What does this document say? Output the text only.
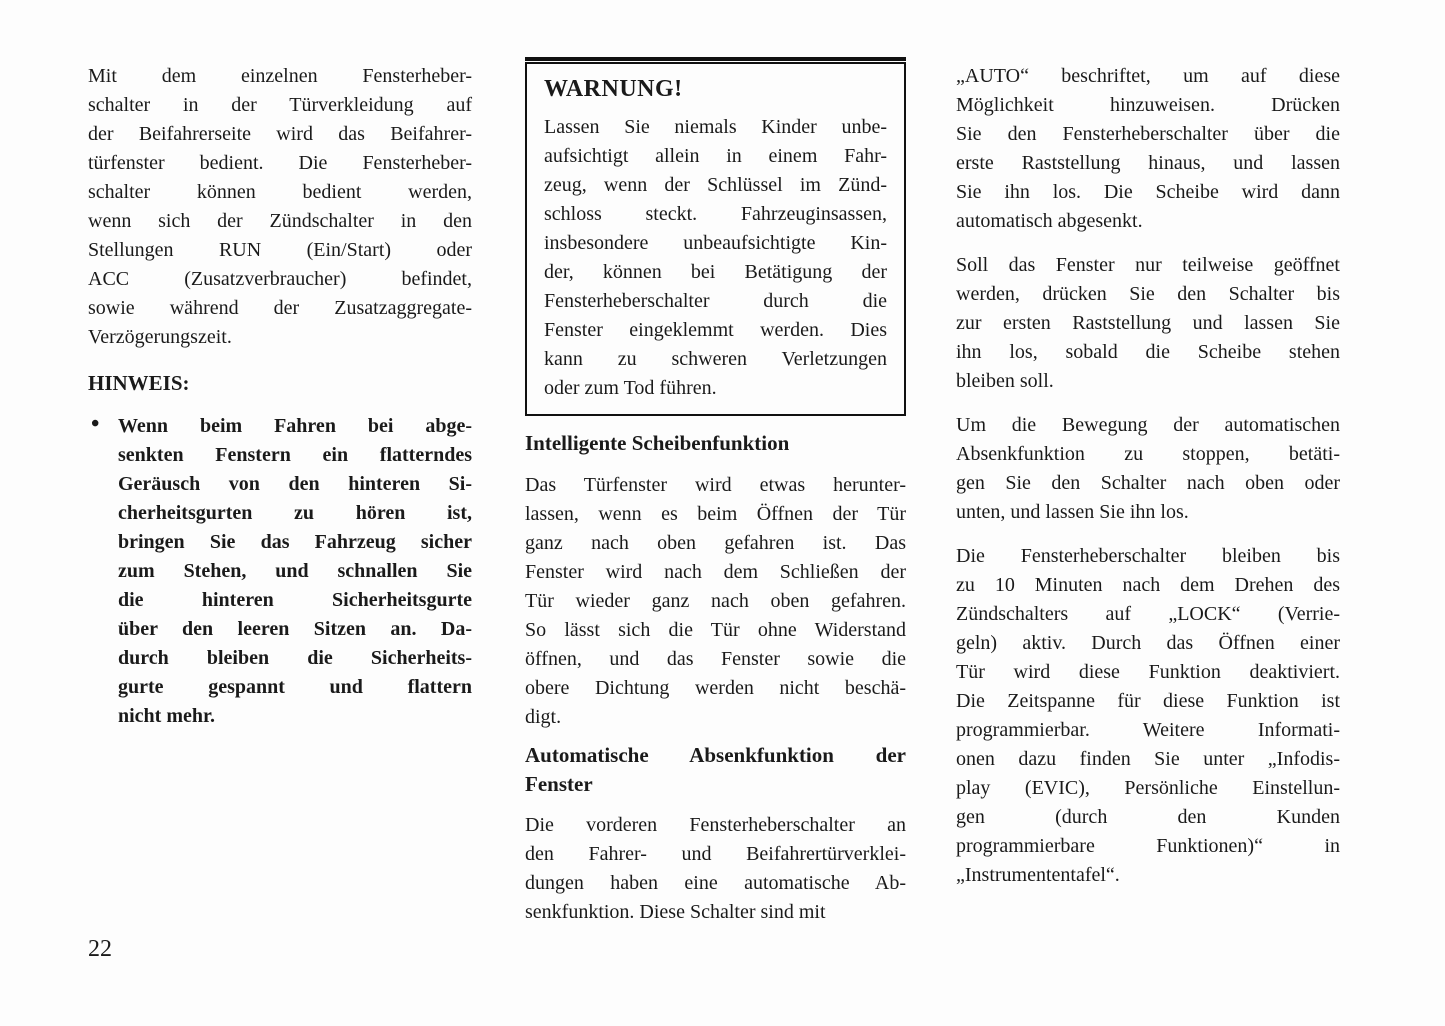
Mit dem einzelnen Fensterheber-
schalter in der Türverkleidung auf
der Beifahrerseite wird das Beifahrer-
türfenster bedient. Die Fensterheber-
schalter können bedient werden,
wenn sich der Zündschalter in den
Stellungen RUN (Ein/Start) oder
ACC (Zusatzverbraucher) befindet,
sowie während der Zusatzaggregate-
Verzögerungszeit.
HINWEIS:
• Wenn beim Fahren bei abge-
senkten Fenstern ein flatterndes
Geräusch von den hinteren Si-
cherheitsgurten zu hören ist,
bringen Sie das Fahrzeug sicher
zum Stehen, und schnallen Sie
die hinteren Sicherheitsgurte
über den leeren Sitzen an. Da-
durch bleiben die Sicherheits-
gurte gespannt und flattern
nicht mehr.
WARNUNG!
Lassen Sie niemals Kinder unbe-
aufsichtigt allein in einem Fahr-
zeug, wenn der Schlüssel im Zünd-
schloss steckt. Fahrzeuginsassen,
insbesondere unbeaufsichtigte Kin-
der, können bei Betätigung der
Fensterheberschalter durch die
Fenster eingeklemmt werden. Dies
kann zu schweren Verletzungen
oder zum Tod führen.
Intelligente Scheibenfunktion
Das Türfenster wird etwas herunter-
lassen, wenn es beim Öffnen der Tür
ganz nach oben gefahren ist. Das
Fenster wird nach dem Schließen der
Tür wieder ganz nach oben gefahren.
So lässt sich die Tür ohne Widerstand
öffnen, und das Fenster sowie die
obere Dichtung werden nicht beschä-
digt.
Automatische Absenkfunktion der
Fenster
Die vorderen Fensterheberschalter an
den Fahrer- und Beifahrertürverklei-
dungen haben eine automatische Ab-
senkfunktion. Diese Schalter sind mit
„AUTO“ beschriftet, um auf diese
Möglichkeit hinzuweisen. Drücken
Sie den Fensterheberschalter über die
erste Raststellung hinaus, und lassen
Sie ihn los. Die Scheibe wird dann
automatisch abgesenkt.
Soll das Fenster nur teilweise geöffnet
werden, drücken Sie den Schalter bis
zur ersten Raststellung und lassen Sie
ihn los, sobald die Scheibe stehen
bleiben soll.
Um die Bewegung der automatischen
Absenkfunktion zu stoppen, betäti-
gen Sie den Schalter nach oben oder
unten, und lassen Sie ihn los.
Die Fensterheberschalter bleiben bis
zu 10 Minuten nach dem Drehen des
Zündschalters auf „LOCK“ (Verrie-
geln) aktiv. Durch das Öffnen einer
Tür wird diese Funktion deaktiviert.
Die Zeitspanne für diese Funktion ist
programmierbar. Weitere Informati-
onen dazu finden Sie unter „Infodis-
play (EVIC), Persönliche Einstellun-
gen (durch den Kunden
programmierbare Funktionen)“ in
„Instrumententafel“.
22
